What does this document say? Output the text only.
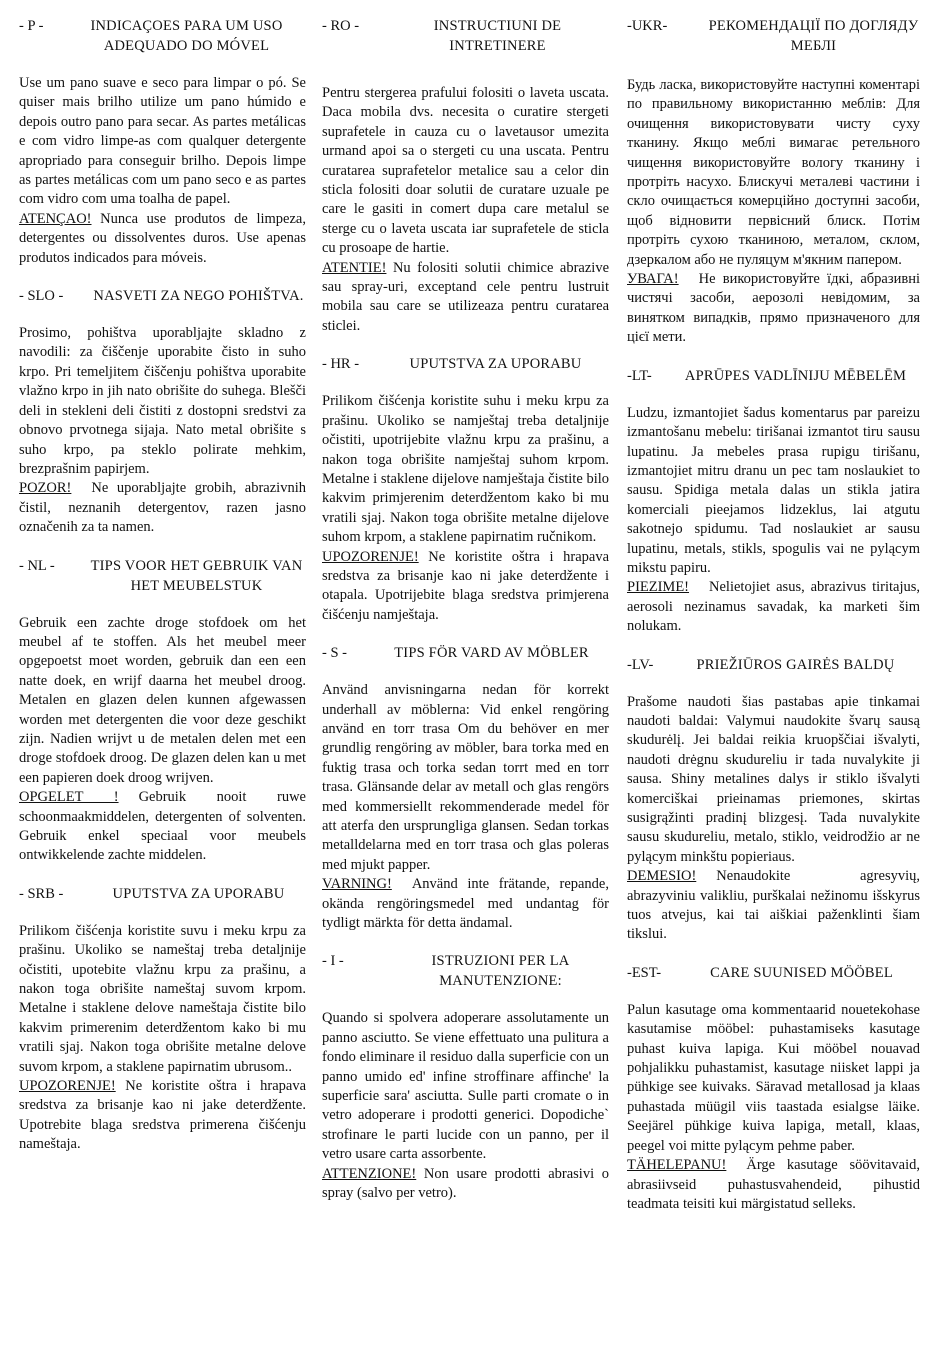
- P -	INDICAÇOES PARA UM USO ADEQUADO DO MÓVEL

Use um pano suave e seco para limpar o pó. Se quiser mais brilho utilize um pano húmido e depois outro pano para secar. As partes metálicas e com vidro limpe-as com qualquer detergente apropriado para conseguir brilho. Depois limpe as partes metálicas com um pano seco e as partes com vidro com uma toalha de papel.
ATENÇAO! Nunca use produtos de limpeza, detergentes ou dissolventes duros. Use apenas produtos indicados para móveis.

- SLO - NASVETI ZA NEGO POHIŠTVA.

Prosimo, pohištva uporabljajte skladno z navodili: za čiščenje uporabite čisto in suho krpo. Pri temeljitem čiščenju pohištva uporabite vlažno krpo in jih nato obrišite do suhega. Blešči deli in stekleni deli čistiti z dostopni sredstvi za obnovo prvotnega sijaja. Nato metal obrišite s suho krpo, pa steklo polirate mehkim, brezprašnim papirjem.
POZOR! Ne uporabljajte grobih, abrazivnih čistil, neznanih detergentov, razen jasno označenih za ta namen.

- NL - TIPS VOOR HET GEBRUIK VAN HET MEUBELSTUK

Gebruik een zachte droge stofdoek om het meubel af te stoffen. Als het meubel meer opgepoetst moet worden, gebruik dan een een natte doek, en wrijf daarna het meubel droog. Metalen en glazen delen kunnen afgewassen worden met detergenten die voor deze geschikt zijn. Nadien wrijvt u de metalen delen met een droge stofdoek droog. De glazen delen kan u met een papieren doek droog wrijven.
OPGELET ! Gebruik nooit ruwe schoonmaakmiddelen, detergenten of solventen. Gebruik enkel speciaal voor meubels ontwikkelende zachte middelen.

- SRB -	UPUTSTVA ZA UPORABU

Prilikom čišćenja koristite suvu i meku krpu za prašinu. Ukoliko se nameštaj treba detaljnije očistiti, upotebite vlažnu krpu za prašinu, a nakon toga obrišite nameštaj suvom krpom. Metalne i staklene delove nameštaja čistite bilo kakvim primerenim deterdžentom kako bi mu vratili sjaj. Nakon toga obrišite metalne delove suvom krpom, a staklene papirnatim ubrusom..
UPOZORENJE! Ne koristite oštra i hrapava sredstva za brisanje kao ni jake deterdžente. Upotrebite blaga sredstva primerena čišćenju nameštaja.

- RO -	INSTRUCTIUNI DE INTRETINERE

Pentru stergerea prafului folositi o laveta uscata. Daca mobila dvs. necesita o curatire stergeti suprafetele in cauza cu o lavetausor umezita urmand apoi sa o stergeti cu una uscata. Pentru curatarea suprafetelor metalice sau a celor din sticla folositi doar solutii de curatare uzuale pe care le gasiti in comert dupa care metalul se sterge cu o laveta uscata iar suprafetele de sticla cu prosoape de hartie.
ATENTIE! Nu folositi solutii chimice abrazive sau spray-uri, exceptand cele pentru lustruit mobila sau care se utilizeaza pentru curatarea sticlei.

- HR -	UPUTSTVA ZA UPORABU

Prilikom čišćenja koristite suhu i meku krpu za prašinu. Ukoliko se namještaj treba detaljnije očistiti, upotrijebite vlažnu krpu za prašinu, a nakon toga obrišite namještaj suhom krpom. Metalne i staklene dijelove namještaja čistite bilo kakvim primjerenim deterdžentom kako bi mu vratili sjaj. Nakon toga obrišite metalne dijelove suhom krpom, a staklene papirnatim ručnikom.
UPOZORENJE! Ne koristite oštra i hrapava sredstva za brisanje kao ni jake deterdžente i otapala. Upotrijebite blaga sredstva primjerena čišćenju namještaja.

- S -	TIPS FÖR VARD AV MÖBLER

Använd anvisningarna nedan för korrekt underhall av möblerna: Vid enkel rengöring använd en torr trasa Om du behöver en mer grundlig rengöring av möbler, bara torka med en fuktig trasa och torka sedan torrt med en torr trasa. Glänsande delar av metall och glas rengörs med kommersiellt rekommenderade medel för att aterfa den ursprungliga glansen. Sedan torkas metalldelarna med en torr trasa och glas poleras med mjukt papper.
VARNING! Använd inte frätande, repande, okända rengöringsmedel med undantag för tydligt märkta för detta ändamal.

- I -	ISTRUZIONI PER LA MANUTENZIONE:

Quando si spolvera adoperare assolutamente un panno asciutto. Se viene effettuato una pulitura a fondo eliminare il residuo dalla superficie con un panno umido ed' infine stroffinare affinche' la superficie sara' asciutta. Sulle parti cromate o in vetro adoperare i prodotti generici. Dopodiche` strofinare le parti lucide con un panno, per il vetro usare carta assorbente.
ATTENZIONE! Non usare prodotti abrasivi o spray (salvo per vetro).

-UKR-	РЕКОМЕНДАЦІЇ ПО ДОГЛЯДУ МЕБЛІ

Будь ласка, використовуйте наступні коментарі по правильному використанню меблів: Для очищення використовувати чисту суху тканину. Якщо меблі вимагає ретельного чищення використовуйте вологу тканину і протріть насухо. Блискучі металеві частини і скло очищається комерційно доступні засоби, щоб відновити первісний блиск. Потім протріть сухою тканиною, металом, склом, дзеркалом або не пуляцум м'якним папером.
УВАГА! Не використовуйте їдкі, абразивні чистячі засоби, аерозолі невідомим, за винятком випадків, прямо призначеного для цієї мети.

-LT-	APRŪPES VADLĪNIJU MĒBELĒM

Ludzu, izmantojiet šadus komentarus par pareizu izmantošanu mebelu: tirišanai izmantot tiru sausu lupatinu. Ja mebeles prasa rupigu tirišanu, izmantojiet mitru dranu un pec tam noslaukiet to sausu. Spidiga metala dalas un stikla jatira komerciali pieejamos lidzeklus, lai atgutu sakotnejo spidumu. Tad noslaukiet ar sausu lupatinu, metals, stikls, spogulis vai ne pylącym mikstu papiru.
PIEZIME! Nelietojiet asus, abrazivus tiritajus, aerosoli nezinamus savadak, ka marketi šim nolukam.

-LV-	PRIEŽIŪROS GAIRĖS BALDŲ

Prašome naudoti šias pastabas apie tinkamai naudoti baldai: Valymui naudokite švarų sausą skudurėlį. Jei baldai reikia kruopščiai išvalyti, naudoti drėgnu skudureliu ir tada nuvalykite ji sausa. Shiny metalines dalys ir stiklo išvalyti komerciškai prieinamas priemones, skirtas susigrąžinti pradinį blizgesį. Tada nuvalykite sausu skudureliu, metalo, stiklo, veidrodžio ar ne pylącym minkštu popieriaus.
DEMESIO! Nenaudokite agresyvių, abrazyviniu valikliu, purškalai nežinomu išskyrus tuos atvejus, kai tai aiškiai paženklinti šiam tikslui.

-EST-	CARE SUUNISED MÖÖBEL

Palun kasutage oma kommentaarid nouetekohase kasutamise mööbel: puhastamiseks kasutage puhast kuiva lapiga. Kui mööbel nouavad pohjalikku puhastamist, kasutage niisket lappi ja pühkige see kuivaks. Säravad metallosad ja klaas puhastada müügil viis taastada esialgse läike. Seejärel pühkige kuiva lapiga, metall, klaas, peegel voi mitte pylącym pehme paber.
TÄHELEPANU! Ärge kasutage söövitavaid, abrasiivseid puhastusvahendeid, pihustid teadmata teisiti kui märgistatud selleks.
